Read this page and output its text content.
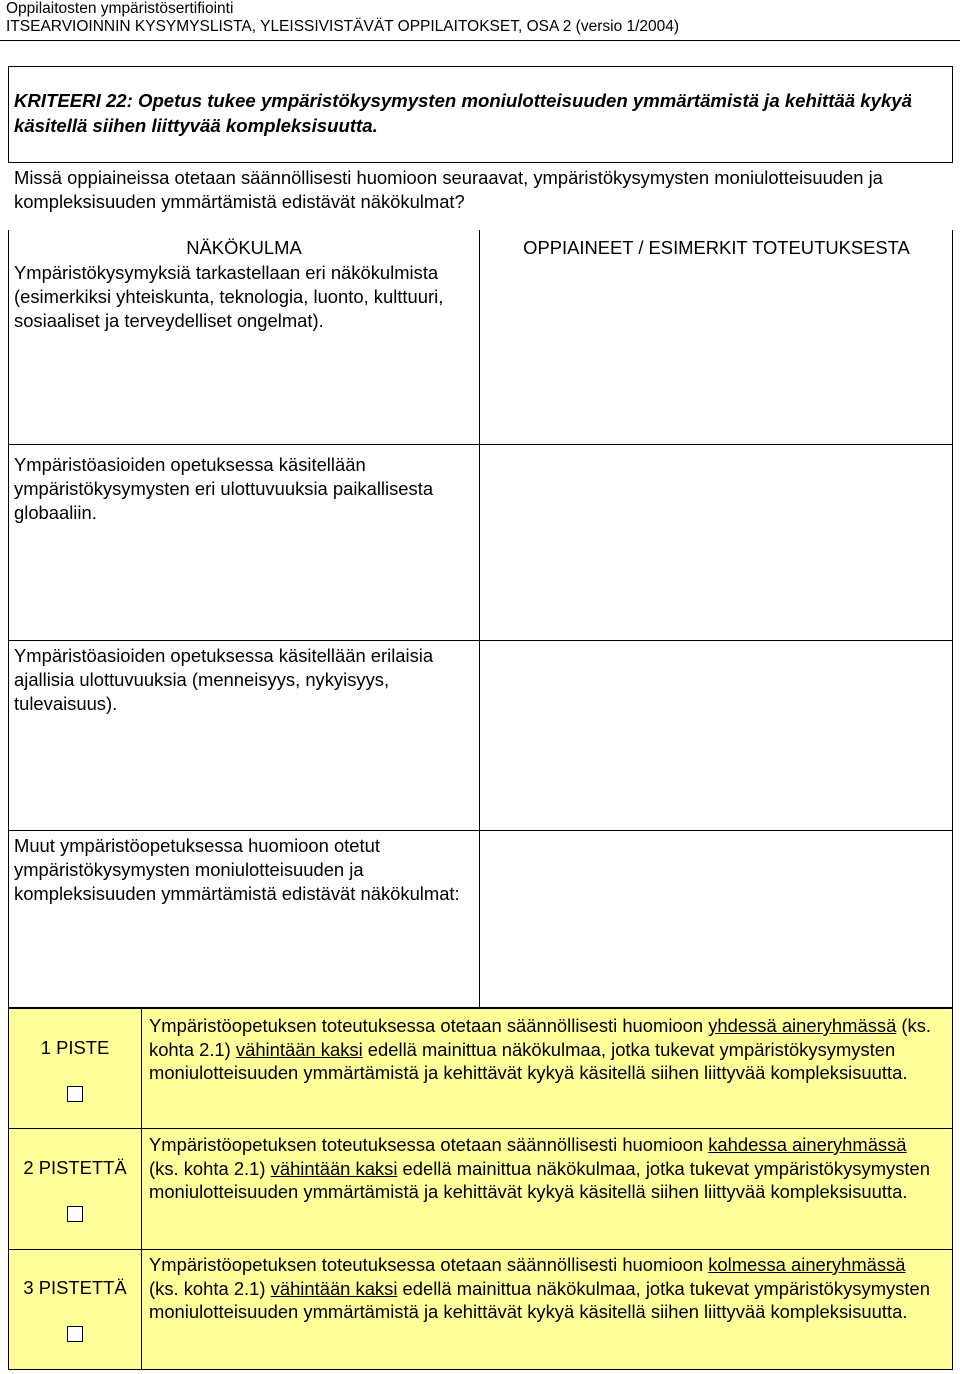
Oppilaitosten ympäristösertifiointi
ITSEARVIOINNIN KYSYMYSLISTA, YLEISSIVISTÄVÄT OPPILAITOKSET, OSA 2 (versio 1/2004)
KRITEERI 22: Opetus tukee ympäristökysymysten moniulotteisuuden ymmärtämistä ja kehittää kykyä käsitellä siihen liittyvää kompleksisuutta.
Missä oppiaineissa otetaan säännöllisesti huomioon seuraavat, ympäristökysymysten moniulotteisuuden ja kompleksisuuden ymmärtämistä edistävät näkökulmat?
NÄKÖKULMA	OPPIAINEET / ESIMERKIT TOTEUTUKSESTA
Ympäristökysymyksiä tarkastellaan eri näkökulmista (esimerkiksi yhteiskunta, teknologia, luonto, kulttuuri, sosiaaliset ja terveydelliset ongelmat).
Ympäristöasioiden opetuksessa käsitellään ympäristökysymysten eri ulottuvuuksia paikallisesta globaaliin.
Ympäristöasioiden opetuksessa käsitellään erilaisia ajallisia ulottuvuuksia (menneisyys, nykyisyys, tulevaisuus).
Muut ympäristöopetuksessa huomioon otetut ympäristökysymysten moniulotteisuuden ja kompleksisuuden ymmärtämistä edistävät näkökulmat:
1 PISTE
Ympäristöopetuksen toteutuksessa otetaan säännöllisesti huomioon yhdessä aineryhmässä (ks. kohta 2.1) vähintään kaksi edellä mainittua näkökulmaa, jotka tukevat ympäristökysymysten moniulotteisuuden ymmärtämistä ja kehittävät kykyä käsitellä siihen liittyvää kompleksisuutta.
2 PISTETTÄ
Ympäristöopetuksen toteutuksessa otetaan säännöllisesti huomioon kahdessa aineryhmässä (ks. kohta 2.1) vähintään kaksi edellä mainittua näkökulmaa, jotka tukevat ympäristökysymysten moniulotteisuuden ymmärtämistä ja kehittävät kykyä käsitellä siihen liittyvää kompleksisuutta.
3 PISTETTÄ
Ympäristöopetuksen toteutuksessa otetaan säännöllisesti huomioon kolmessa aineryhmässä (ks. kohta 2.1) vähintään kaksi edellä mainittua näkökulmaa, jotka tukevat ympäristökysymysten moniulotteisuuden ymmärtämistä ja kehittävät kykyä käsitellä siihen liittyvää kompleksisuutta.
